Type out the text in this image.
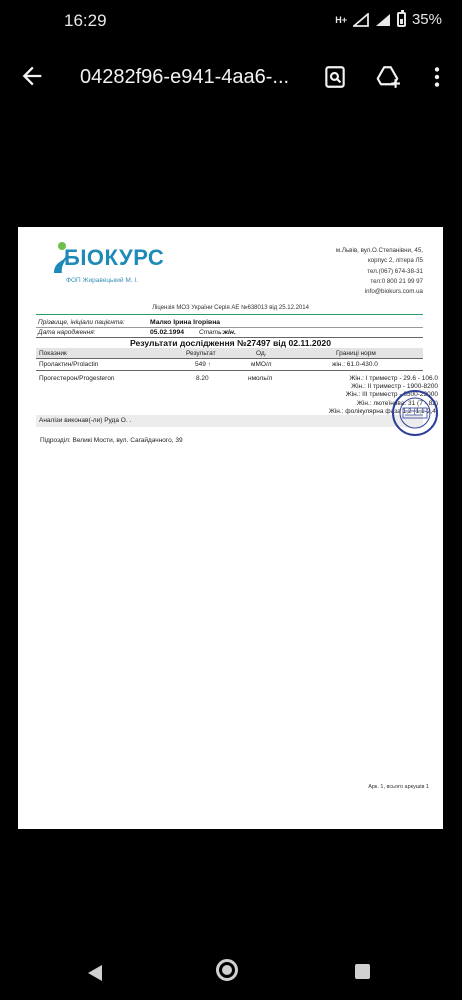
16:29	H+	35%
04282f96-e941-4aa6-...
БІОКУРС
ФОП Жиравецький М. І.
м.Львів, вул.О.Степанівни, 45,
корпус 2, літера Л5
тел.(067) 674-38-31
тел:0 800 21 99 97
info@biokurs.com.ua
Ліцензія МОЗ України Серія АЕ №638013 від 25.12.2014
Прізвище, ініціали пацієнта:	Малко Ірина Ігорівна
Дата народження:	05.02.1994 Стать: жін.
Результати дослідження №27497 від 02.11.2020
Показник	Результат	Од.	Границі норм
Пролактин/Prolactin	549 ↑	мМО/л	жін.: 61.0-430.0
Прогестерон/Progesteron	8.20	нмоль/л	Жін.: I триместр - 29.6 - 106.0
Жін.: II триместр - 1900-8200
Жін.: III триместр - 6500-23000
Жін.: лютеїнова. 31 (7 - 82)
Жін.: фолікулярна фаза 1,2 (1,1-2,4)
Аналізи виконав(-ли) Руда О. .
Підрозділ: Великі Мости, вул. Сагайдачного, 39
Арк. 1, всього аркушів 1
